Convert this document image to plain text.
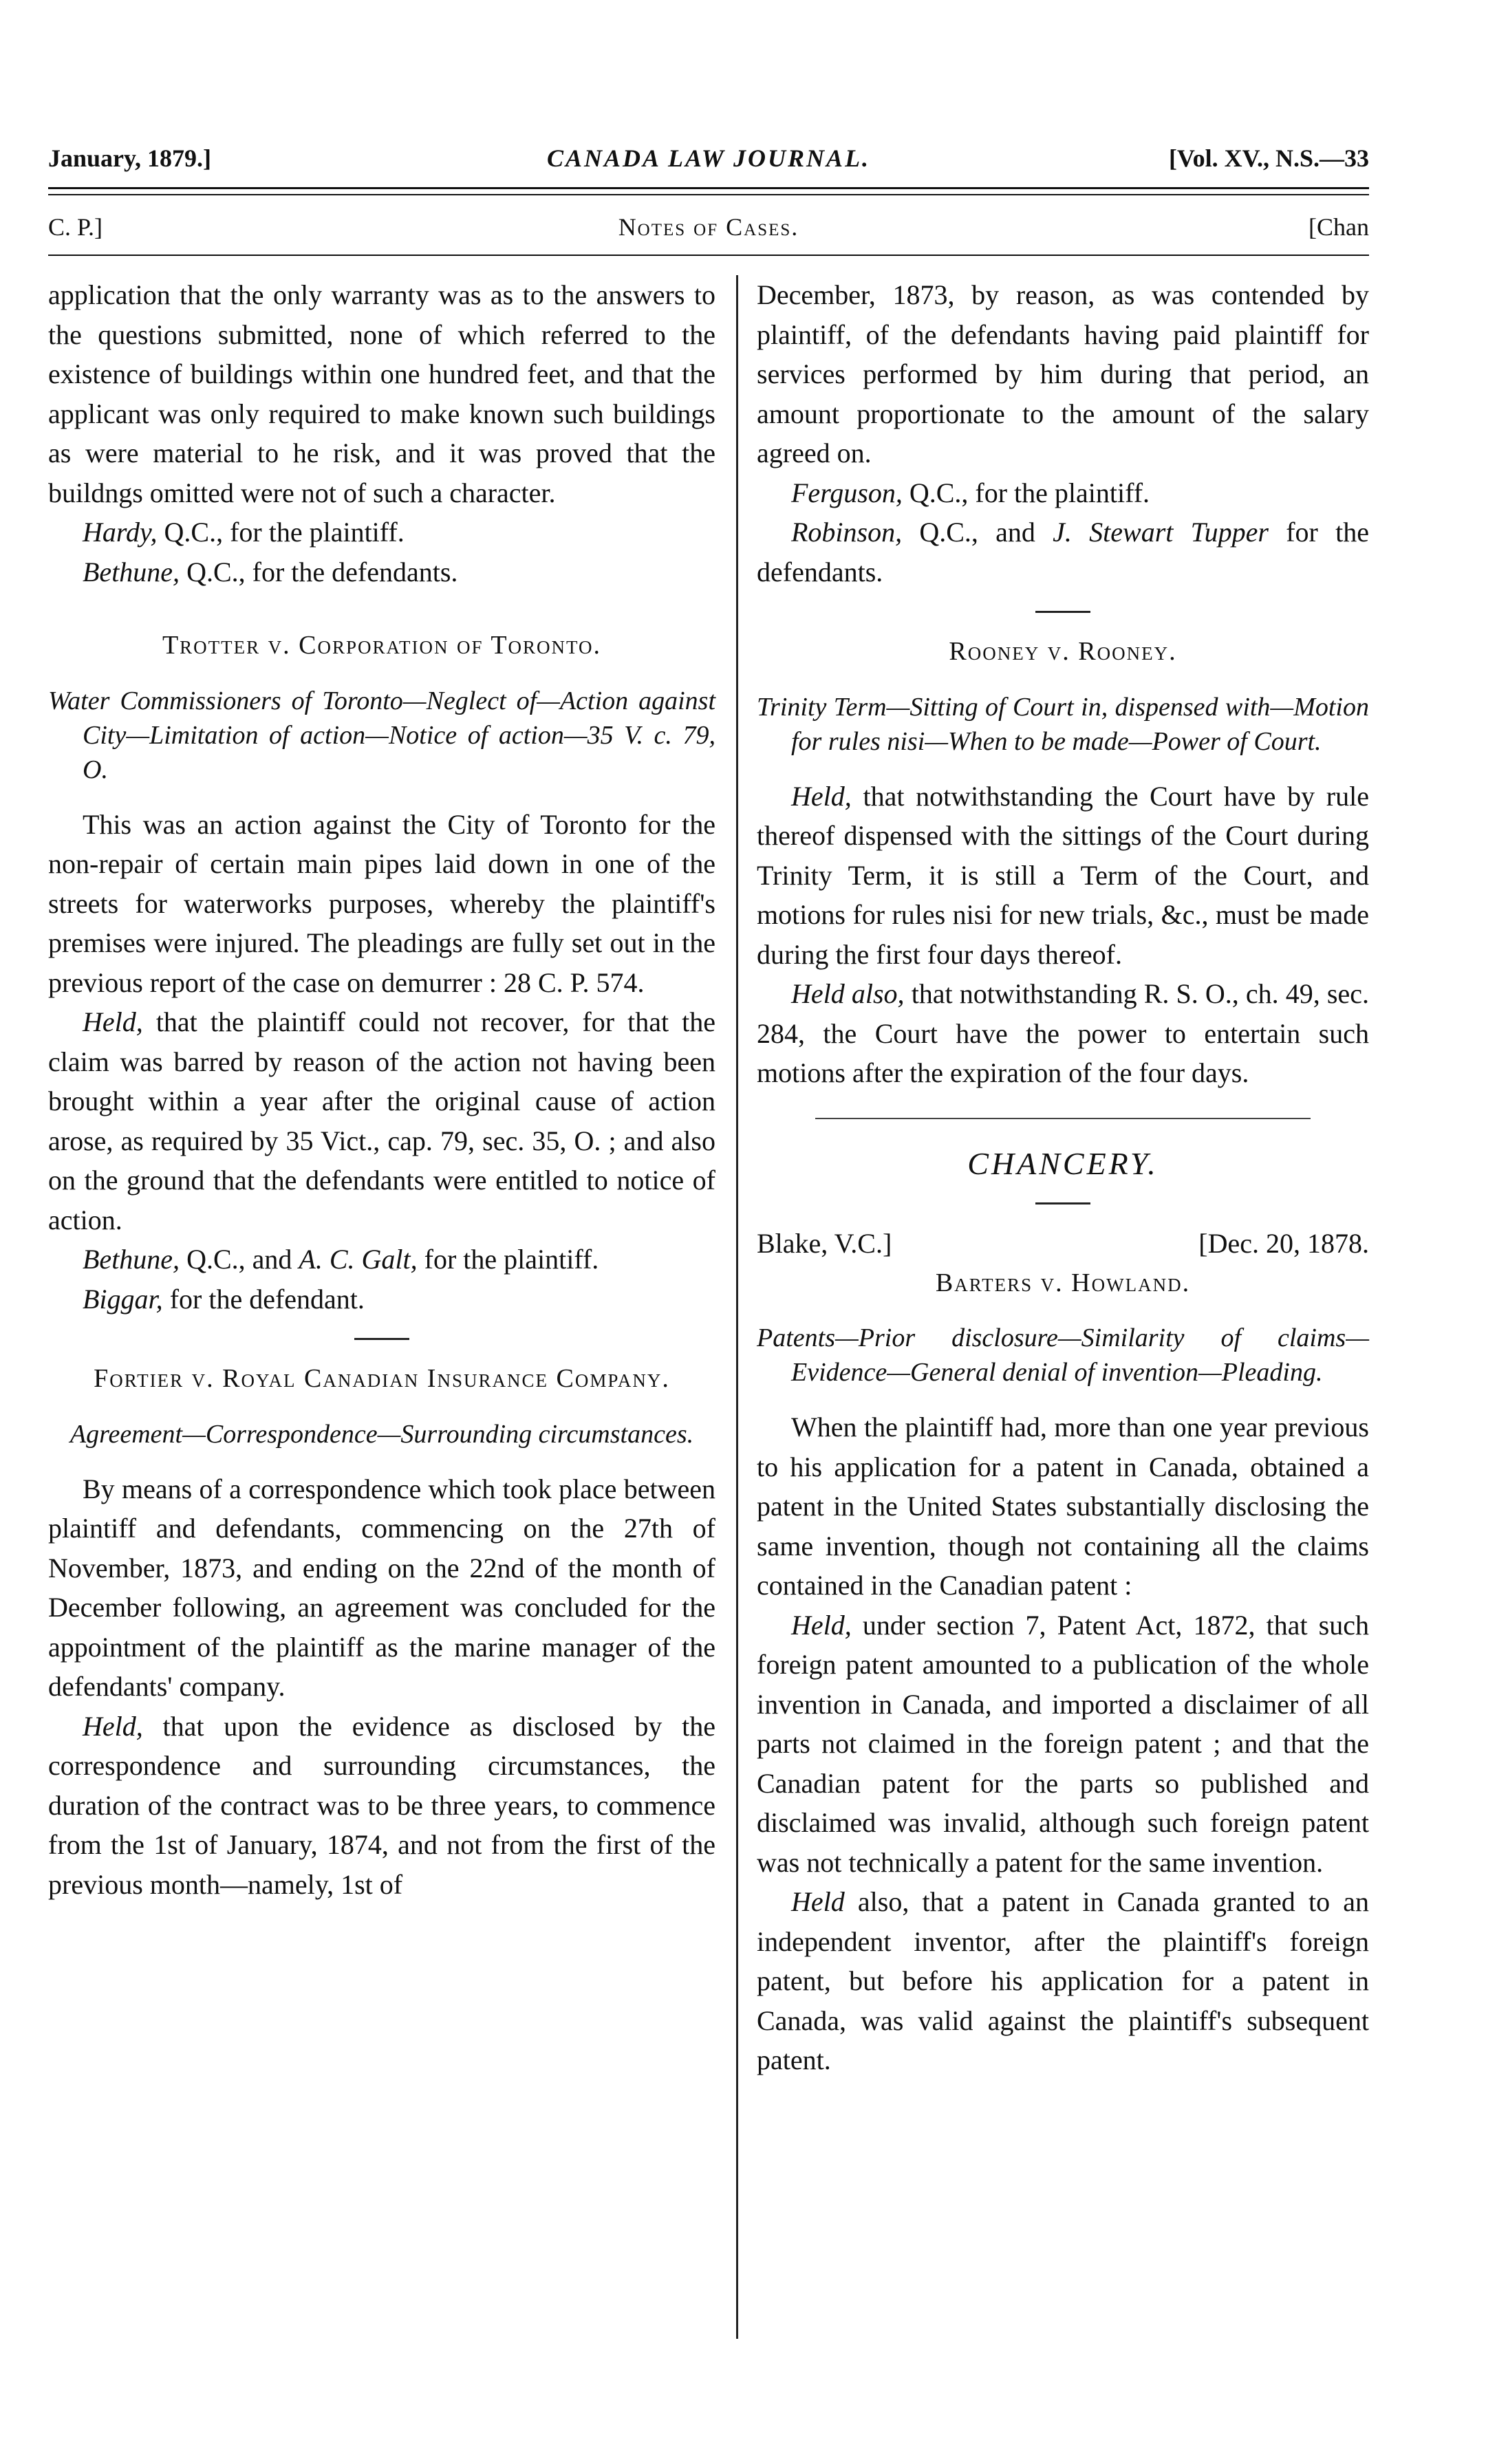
January, 1879.]	CANADA LAW JOURNAL.	[Vol. XV., N.S.—33
C. P.]	Notes of Cases.	[Chan

application that the only warranty was as to the answers to the questions submitted, none of which referred to the existence of buildings within one hundred feet, and that the applicant was only required to make known such buildings as were material to he risk, and it was proved that the buildngs omitted were not of such a character.

Hardy, Q.C., for the plaintiff.

Bethune, Q.C., for the defendants.

Trotter v. Corporation of Toronto.

Water Commissioners of Toronto—Neglect of—Action against City—Limitation of action—Notice of action—35 V. c. 79, O.

This was an action against the City of Toronto for the non-repair of certain main pipes laid down in one of the streets for waterworks purposes, whereby the plaintiff's premises were injured. The pleadings are fully set out in the previous report of the case on demurrer : 28 C. P. 574.

Held, that the plaintiff could not recover, for that the claim was barred by reason of the action not having been brought within a year after the original cause of action arose, as required by 35 Vict., cap. 79, sec. 35, O. ; and also on the ground that the defendants were entitled to notice of action.

Bethune, Q.C., and A. C. Galt, for the plaintiff.

Biggar, for the defendant.

Fortier v. Royal Canadian Insurance Company.

Agreement—Correspondence—Surrounding circumstances.

By means of a correspondence which took place between plaintiff and defendants, commencing on the 27th of November, 1873, and ending on the 22nd of the month of December following, an agreement was concluded for the appointment of the plaintiff as the marine manager of the defendants' company.

Held, that upon the evidence as disclosed by the correspondence and surrounding circumstances, the duration of the contract was to be three years, to commence from the 1st of January, 1874, and not from the first of the previous month—namely, 1st of

December, 1873, by reason, as was contended by plaintiff, of the defendants having paid plaintiff for services performed by him during that period, an amount proportionate to the amount of the salary agreed on.

Ferguson, Q.C., for the plaintiff.

Robinson, Q.C., and J. Stewart Tupper for the defendants.

Rooney v. Rooney.

Trinity Term—Sitting of Court in, dispensed with—Motion for rules nisi—When to be made—Power of Court.

Held, that notwithstanding the Court have by rule thereof dispensed with the sittings of the Court during Trinity Term, it is still a Term of the Court, and motions for rules nisi for new trials, &c., must be made during the first four days thereof.

Held also, that notwithstanding R. S. O., ch. 49, sec. 284, the Court have the power to entertain such motions after the expiration of the four days.

CHANCERY.

Blake, V.C.]	[Dec. 20, 1878.

Barters v. Howland.

Patents—Prior disclosure—Similarity of claims—Evidence—General denial of invention—Pleading.

When the plaintiff had, more than one year previous to his application for a patent in Canada, obtained a patent in the United States substantially disclosing the same invention, though not containing all the claims contained in the Canadian patent :

Held, under section 7, Patent Act, 1872, that such foreign patent amounted to a publication of the whole invention in Canada, and imported a disclaimer of all parts not claimed in the foreign patent ; and that the Canadian patent for the parts so published and disclaimed was invalid, although such foreign patent was not technically a patent for the same invention.

Held also, that a patent in Canada granted to an independent inventor, after the plaintiff's foreign patent, but before his application for a patent in Canada, was valid against the plaintiff's subsequent patent.
